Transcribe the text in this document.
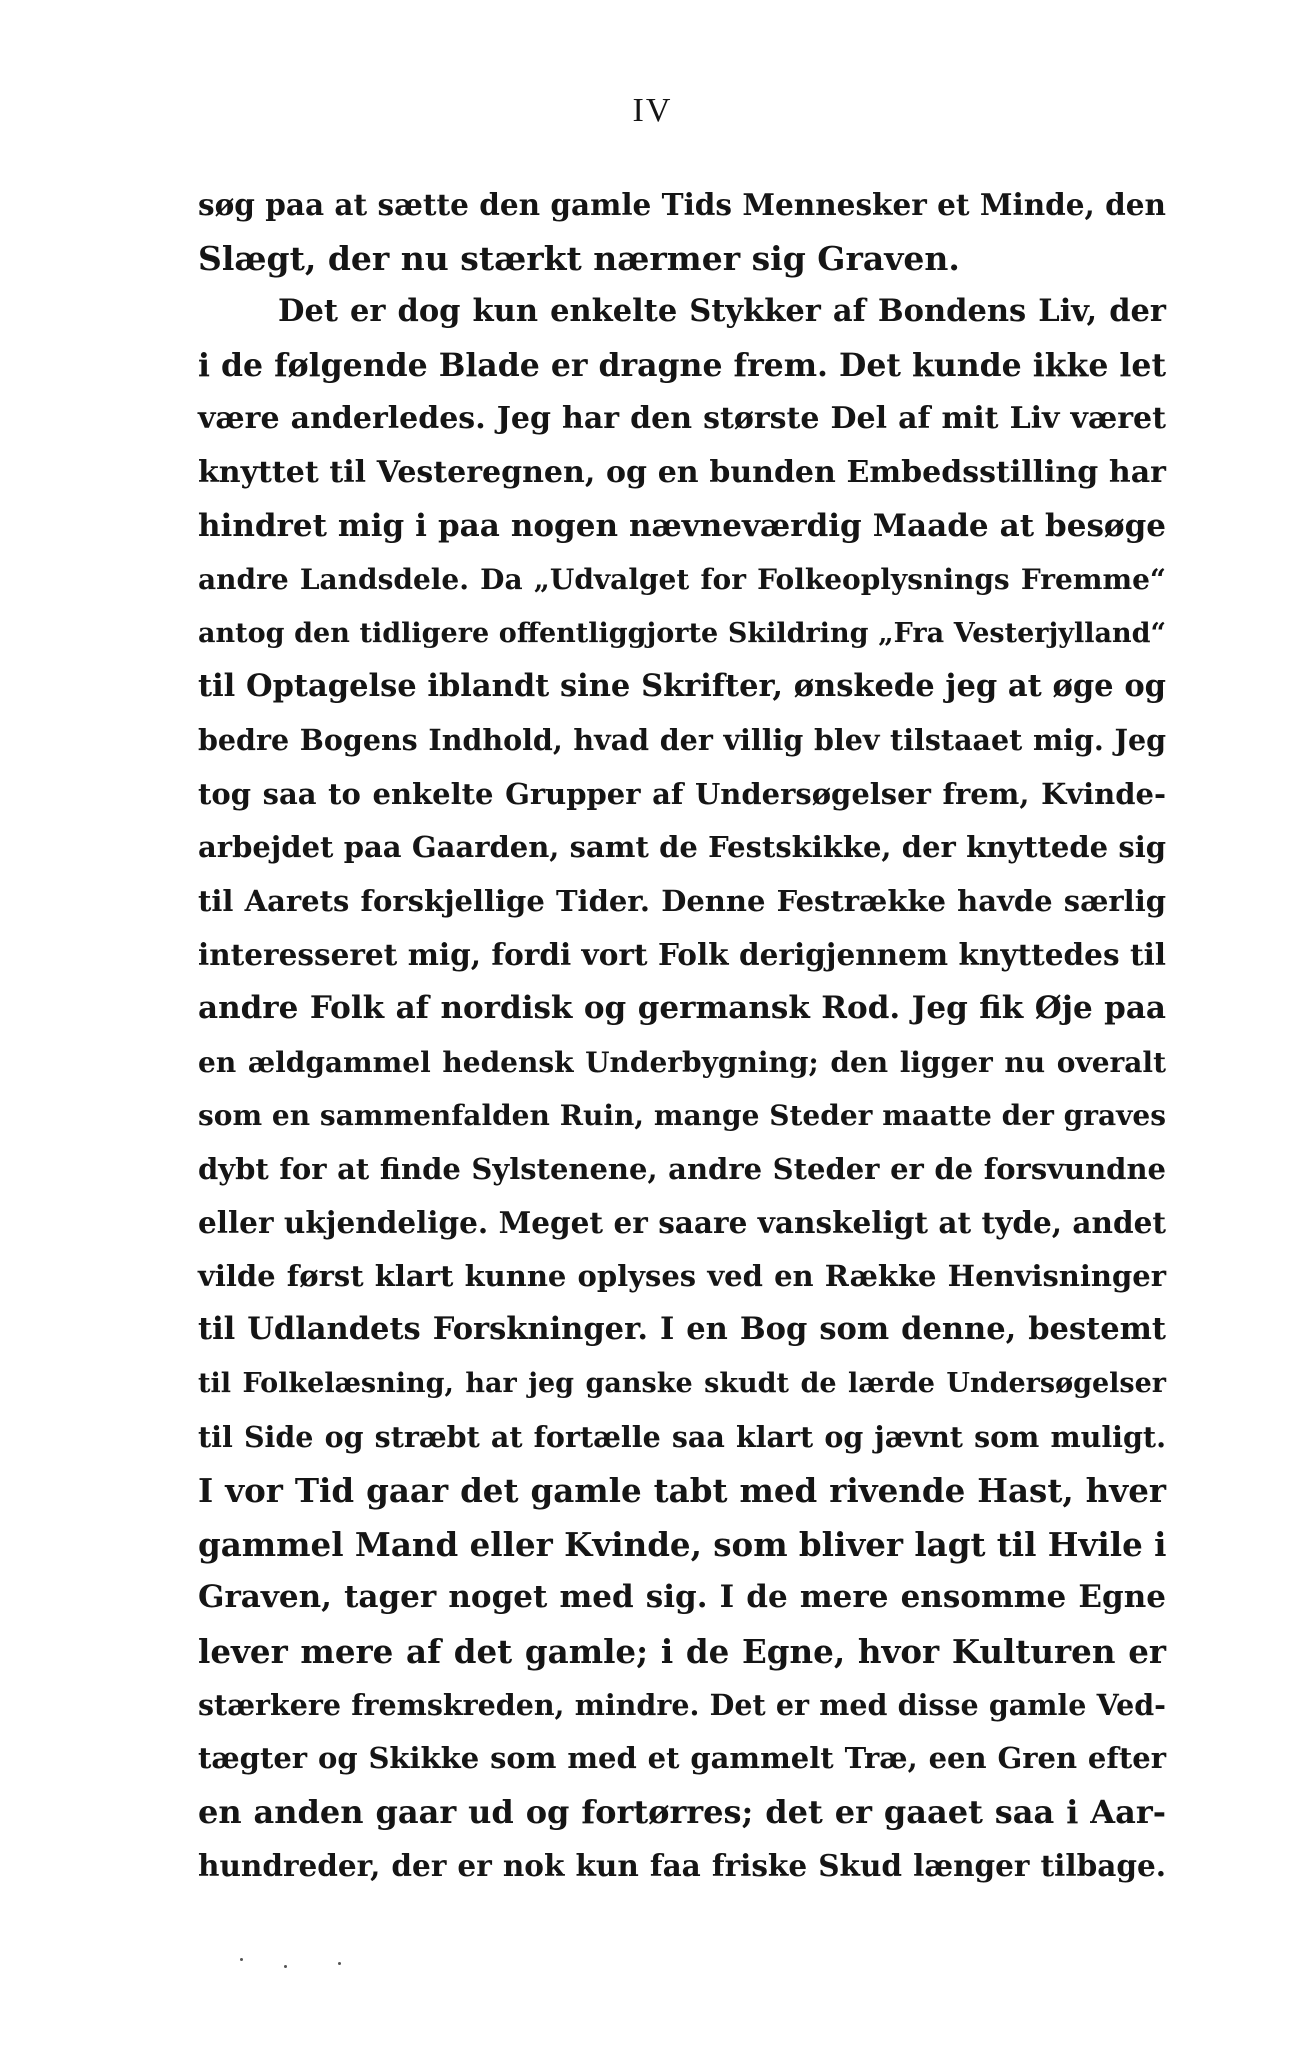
IV
søg paa at sætte den gamle Tids Mennesker et Minde, den
Slægt, der nu stærkt nærmer sig Graven.
Det er dog kun enkelte Stykker af Bondens Liv, der
i de følgende Blade er dragne frem. Det kunde ikke let
være anderledes. Jeg har den største Del af mit Liv været
knyttet til Vesteregnen, og en bunden Embedsstilling har
hindret mig i paa nogen nævneværdig Maade at besøge
andre Landsdele. Da „Udvalget for Folkeoplysnings Fremme“
antog den tidligere offentliggjorte Skildring „Fra Vesterjylland“
til Optagelse iblandt sine Skrifter, ønskede jeg at øge og
bedre Bogens Indhold, hvad der villig blev tilstaaet mig. Jeg
tog saa to enkelte Grupper af Undersøgelser frem, Kvinde-
arbejdet paa Gaarden, samt de Festskikke, der knyttede sig
til Aarets forskjellige Tider. Denne Festrække havde særlig
interesseret mig, fordi vort Folk derigjennem knyttedes til
andre Folk af nordisk og germansk Rod. Jeg fik Øje paa
en ældgammel hedensk Underbygning; den ligger nu overalt
som en sammenfalden Ruin, mange Steder maatte der graves
dybt for at finde Sylstenene, andre Steder er de forsvundne
eller ukjendelige. Meget er saare vanskeligt at tyde, andet
vilde først klart kunne oplyses ved en Række Henvisninger
til Udlandets Forskninger. I en Bog som denne, bestemt
til Folkelæsning, har jeg ganske skudt de lærde Undersøgelser
til Side og stræbt at fortælle saa klart og jævnt som muligt.
I vor Tid gaar det gamle tabt med rivende Hast, hver
gammel Mand eller Kvinde, som bliver lagt til Hvile i
Graven, tager noget med sig. I de mere ensomme Egne
lever mere af det gamle; i de Egne, hvor Kulturen er
stærkere fremskreden, mindre. Det er med disse gamle Ved-
tægter og Skikke som med et gammelt Træ, een Gren efter
en anden gaar ud og fortørres; det er gaaet saa i Aar-
hundreder, der er nok kun faa friske Skud længer tilbage.
